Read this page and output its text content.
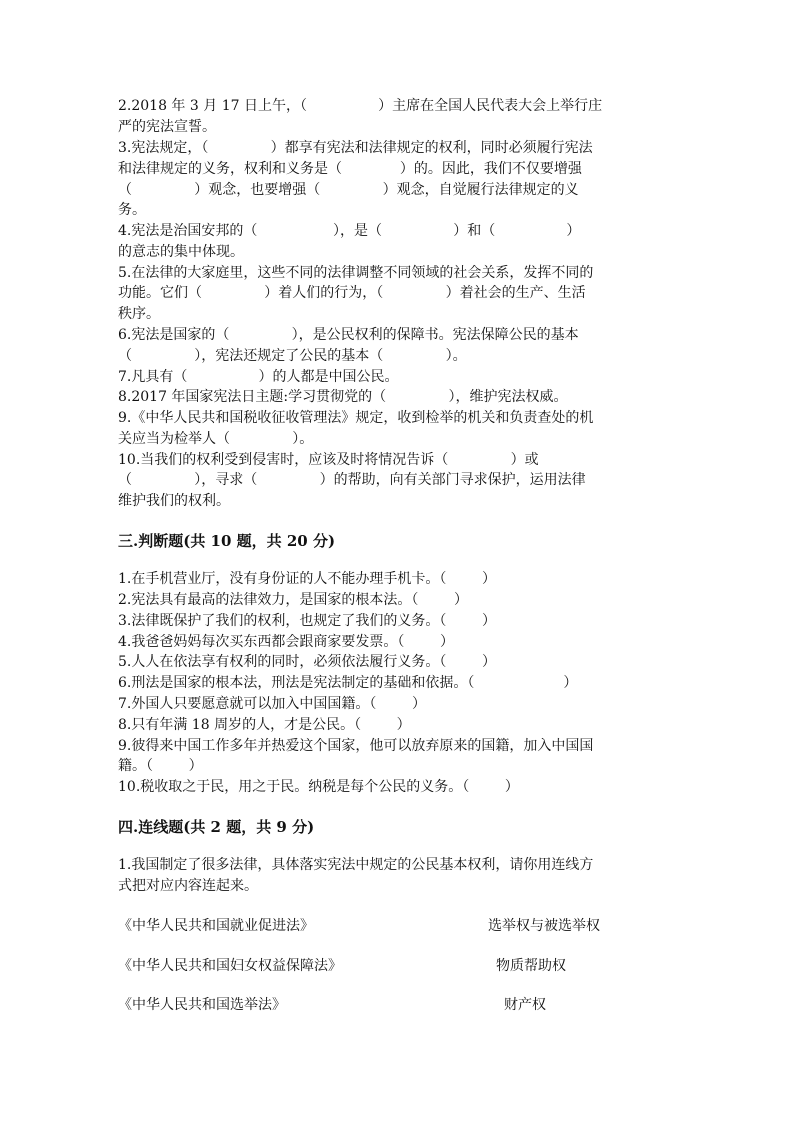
2.2018 年 3 月 17 日上午，（                ）主席在全国人民代表大会上举行庄
严的宪法宣誓。
3.宪法规定，（              ）都享有宪法和法律规定的权利，同时必须履行宪法
和法律规定的义务，权利和义务是（             ）的。因此，我们不仅要增强
（              ）观念，也要增强（              ）观念，自觉履行法律规定的义
务。
4.宪法是治国安邦的（                 ），是（                ）和（                ）
的意志的集中体现。
5.在法律的大家庭里，这些不同的法律调整不同领域的社会关系，发挥不同的
功能。它们（              ）着人们的行为，（              ）着社会的生产、生活
秩序。
6.宪法是国家的（              ），是公民权利的保障书。宪法保障公民的基本
（              ），宪法还规定了公民的基本（              ）。
7.凡具有（                ）的人都是中国公民。
8.2017 年国家宪法日主题:学习贯彻党的（              ），维护宪法权威。
9.《中华人民共和国税收征收管理法》规定，收到检举的机关和负责查处的机
关应当为检举人（              ）。
10.当我们的权利受到侵害时，应该及时将情况告诉（              ）或
（              ），寻求（              ）的帮助，向有关部门寻求保护，运用法律
维护我们的权利。
三.判断题(共 10 题，共 20 分)
1.在手机营业厅，没有身份证的人不能办理手机卡。（        ）
2.宪法具有最高的法律效力，是国家的根本法。（        ）
3.法律既保护了我们的权利，也规定了我们的义务。（        ）
4.我爸爸妈妈每次买东西都会跟商家要发票。（        ）
5.人人在依法享有权利的同时，必须依法履行义务。（        ）
6.刑法是国家的根本法，刑法是宪法制定的基础和依据。（                    ）
7.外国人只要愿意就可以加入中国国籍。（        ）
8.只有年满 18 周岁的人，才是公民。（        ）
9.彼得来中国工作多年并热爱这个国家，他可以放弃原来的国籍，加入中国国
籍。（        ）
10.税收取之于民，用之于民。纳税是每个公民的义务。（        ）
四.连线题(共 2 题，共 9 分)
1.我国制定了很多法律，具体落实宪法中规定的公民基本权利，请你用连线方
式把对应内容连起来。
《中华人民共和国就业促进法》	选举权与被选举权
《中华人民共和国妇女权益保障法》	物质帮助权
《中华人民共和国选举法》	财产权
